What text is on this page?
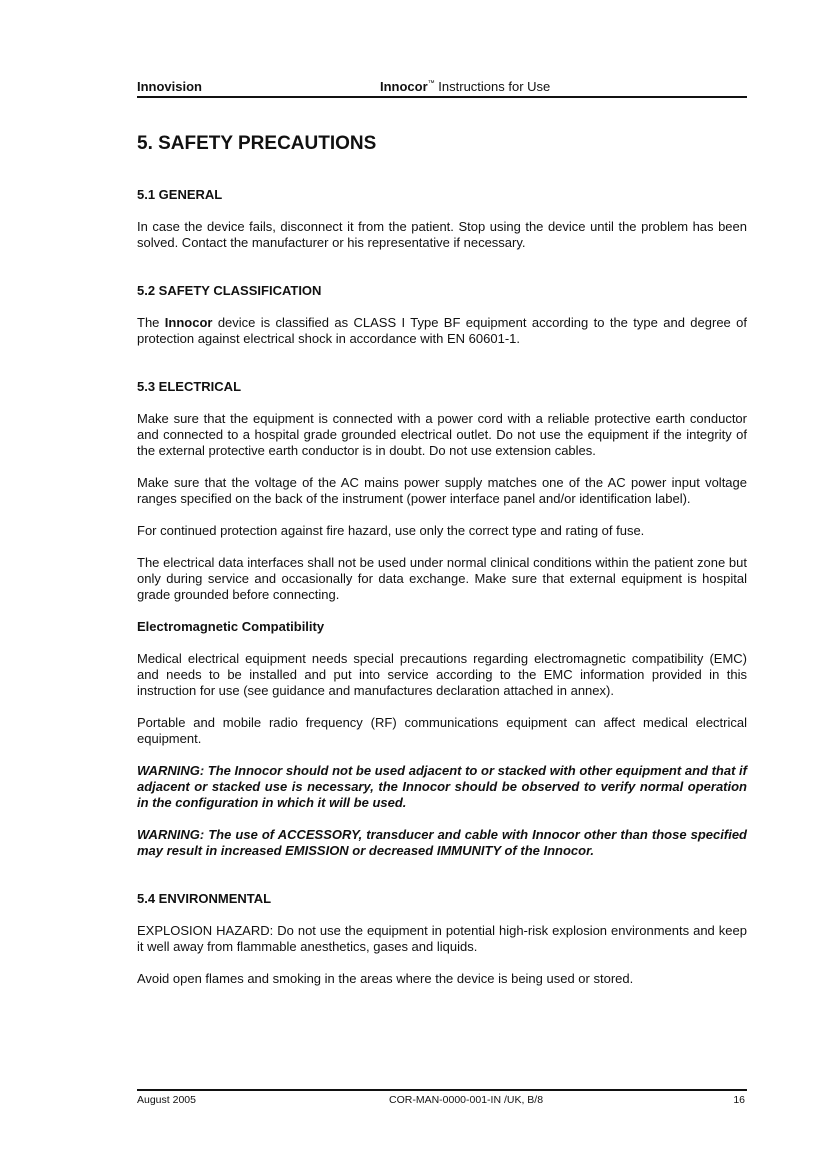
Innovision	Innocor™ Instructions for Use
5. SAFETY PRECAUTIONS
5.1 GENERAL

In case the device fails, disconnect it from the patient. Stop using the device until the problem has been solved. Contact the manufacturer or his representative if necessary.

5.2 SAFETY CLASSIFICATION

The Innocor device is classified as CLASS I Type BF equipment according to the type and degree of protection against electrical shock in accordance with EN 60601-1.

5.3 ELECTRICAL

Make sure that the equipment is connected with a power cord with a reliable protective earth conductor and connected to a hospital grade grounded electrical outlet. Do not use the equipment if the integrity of the external protective earth conductor is in doubt. Do not use extension cables.

Make sure that the voltage of the AC mains power supply matches one of the AC power input voltage ranges specified on the back of the instrument (power interface panel and/or identification label).

For continued protection against fire hazard, use only the correct type and rating of fuse.

The electrical data interfaces shall not be used under normal clinical conditions within the patient zone but only during service and occasionally for data exchange. Make sure that external equipment is hospital grade grounded before connecting.

Electromagnetic Compatibility

Medical electrical equipment needs special precautions regarding electromagnetic compatibility (EMC) and needs to be installed and put into service according to the EMC information provided in this instruction for use (see guidance and manufactures declaration attached in annex).

Portable and mobile radio frequency (RF) communications equipment can affect medical electrical equipment.

WARNING: The Innocor should not be used adjacent to or stacked with other equipment and that if adjacent or stacked use is necessary, the Innocor should be observed to verify normal operation in the configuration in which it will be used.

WARNING: The use of ACCESSORY, transducer and cable with Innocor other than those specified may result in increased EMISSION or decreased IMMUNITY of the Innocor.

5.4 ENVIRONMENTAL

EXPLOSION HAZARD: Do not use the equipment in potential high-risk explosion environments and keep it well away from flammable anesthetics, gases and liquids.

Avoid open flames and smoking in the areas where the device is being used or stored.

August 2005	COR-MAN-0000-001-IN /UK, B/8	16
